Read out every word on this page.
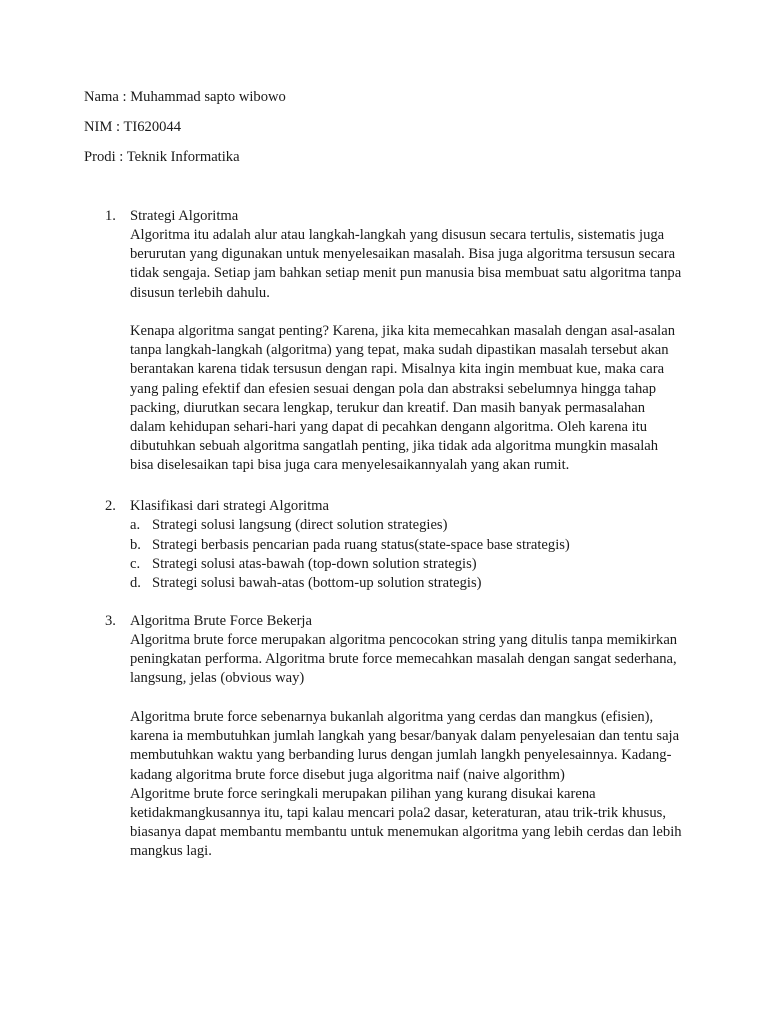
Nama : Muhammad sapto wibowo
NIM : TI620044
Prodi : Teknik Informatika
1. Strategi Algoritma
Algoritma itu adalah alur atau langkah-langkah yang disusun secara tertulis, sistematis juga
berurutan yang digunakan untuk menyelesaikan masalah. Bisa juga algoritma tersusun secara
tidak sengaja. Setiap jam bahkan setiap menit pun manusia bisa membuat satu algoritma tanpa
disusun terlebih dahulu.
Kenapa algoritma sangat penting? Karena, jika kita memecahkan masalah dengan asal-asalan
tanpa langkah-langkah (algoritma) yang tepat, maka sudah dipastikan masalah tersebut akan
berantakan karena tidak tersusun dengan rapi. Misalnya kita ingin membuat kue, maka cara
yang paling efektif dan efesien sesuai dengan pola dan abstraksi sebelumnya hingga tahap
packing, diurutkan secara lengkap, terukur dan kreatif. Dan masih banyak permasalahan
dalam kehidupan sehari-hari yang dapat di pecahkan dengann algoritma. Oleh karena itu
dibutuhkan sebuah algoritma sangatlah penting, jika tidak ada algoritma mungkin masalah
bisa diselesaikan tapi bisa juga cara menyelesaikannyalah yang akan rumit.
2. Klasifikasi dari strategi Algoritma
a. Strategi solusi langsung (direct solution strategies)
b. Strategi berbasis pencarian pada ruang status(state-space base strategis)
c. Strategi solusi atas-bawah (top-down solution strategis)
d. Strategi solusi bawah-atas (bottom-up solution strategis)
3. Algoritma Brute Force Bekerja
Algoritma brute force merupakan algoritma pencocokan string yang ditulis tanpa memikirkan
peningkatan performa. Algoritma brute force memecahkan masalah dengan sangat sederhana,
langsung, jelas (obvious way)
Algoritma brute force sebenarnya bukanlah algoritma yang cerdas dan mangkus (efisien),
karena ia membutuhkan jumlah langkah yang besar/banyak dalam penyelesaian dan tentu saja
membutuhkan waktu yang berbanding lurus dengan jumlah langkh penyelesainnya. Kadang-
kadang algoritma brute force disebut juga algoritma naif (naive algorithm)
Algoritme brute force seringkali merupakan pilihan yang kurang disukai karena
ketidakmangkusannya itu, tapi kalau mencari pola2 dasar, keteraturan, atau trik-trik khusus,
biasanya dapat membantu membantu untuk menemukan algoritma yang lebih cerdas dan lebih
mangkus lagi.
